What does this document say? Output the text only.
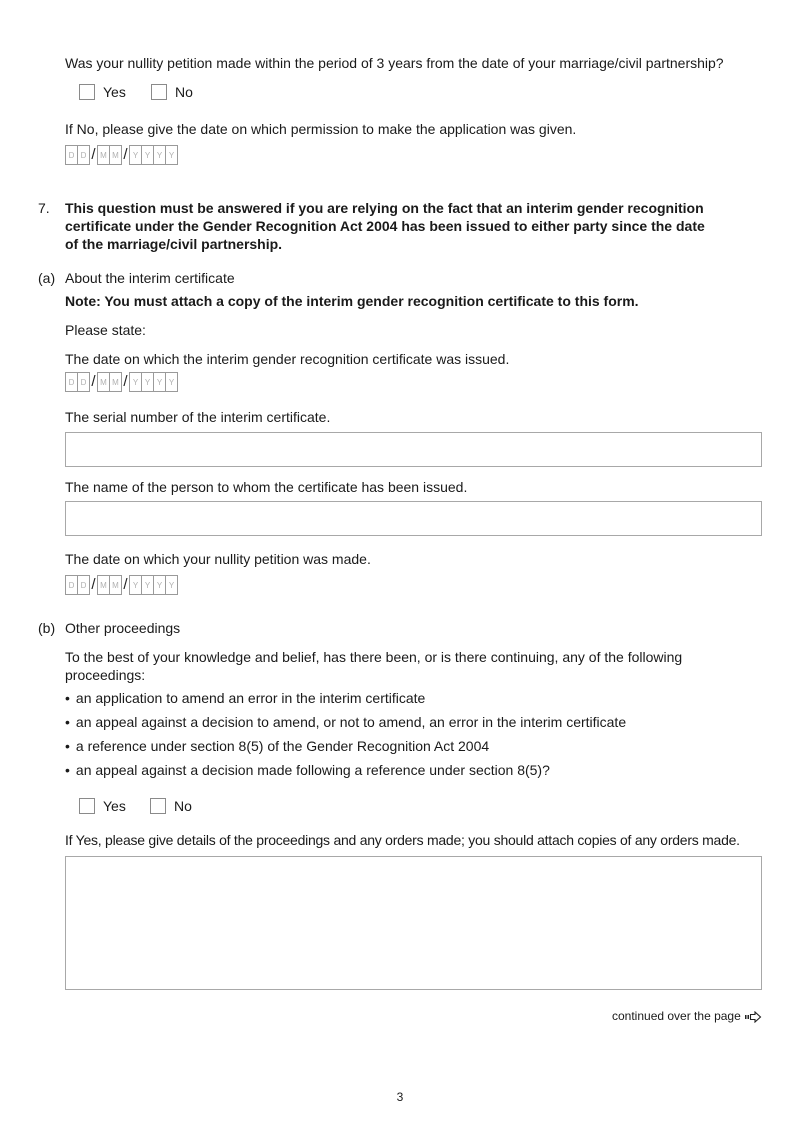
Was your nullity petition made within the period of 3 years from the date of your marriage/civil partnership?
Yes	No
If No, please give the date on which permission to make the application was given.
D D / M M / Y Y Y Y
7. This question must be answered if you are relying on the fact that an interim gender recognition
certificate under the Gender Recognition Act 2004 has been issued to either party since the date
of the marriage/civil partnership.
(a) About the interim certificate
Note: You must attach a copy of the interim gender recognition certificate to this form.
Please state:
The date on which the interim gender recognition certificate was issued.
D D / M M / Y Y Y Y
The serial number of the interim certificate.
The name of the person to whom the certificate has been issued.
The date on which your nullity petition was made.
D D / M M / Y Y Y Y
(b) Other proceedings
To the best of your knowledge and belief, has there been, or is there continuing, any of the following
proceedings:
• an application to amend an error in the interim certificate
• an appeal against a decision to amend, or not to amend, an error in the interim certificate
• a reference under section 8(5) of the Gender Recognition Act 2004
• an appeal against a decision made following a reference under section 8(5)?
Yes	No
If Yes, please give details of the proceedings and any orders made; you should attach copies of any orders made.
continued over the page
3
